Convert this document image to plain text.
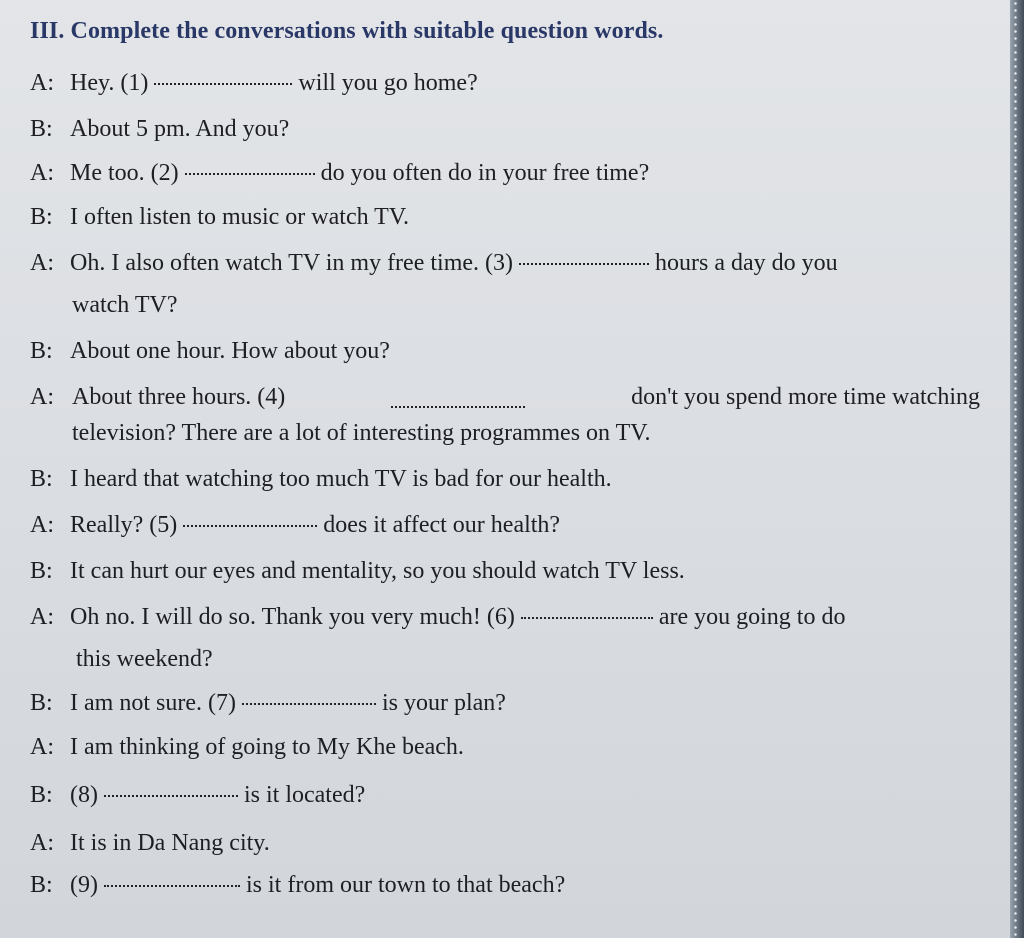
III. Complete the conversations with suitable question words.
A: Hey. (1)	will you go home?
B: About 5 pm. And you?
A: Me too. (2)	do you often do in your free time?
B: I often listen to music or watch TV.
A: Oh. I also often watch TV in my free time. (3)	hours a day do you
watch TV?
B: About one hour. How about you?
A: About three hours. (4)	don't you spend more time watching
television? There are a lot of interesting programmes on TV.
B: I heard that watching too much TV is bad for our health.
A: Really? (5)	does it affect our health?
B: It can hurt our eyes and mentality, so you should watch TV less.
A: Oh no. I will do so. Thank you very much! (6)	are you going to do
this weekend?
B: I am not sure. (7)	is your plan?
A: I am thinking of going to My Khe beach.
B: (8)	is it located?
A: It is in Da Nang city.
B: (9)	is it from our town to that beach?
